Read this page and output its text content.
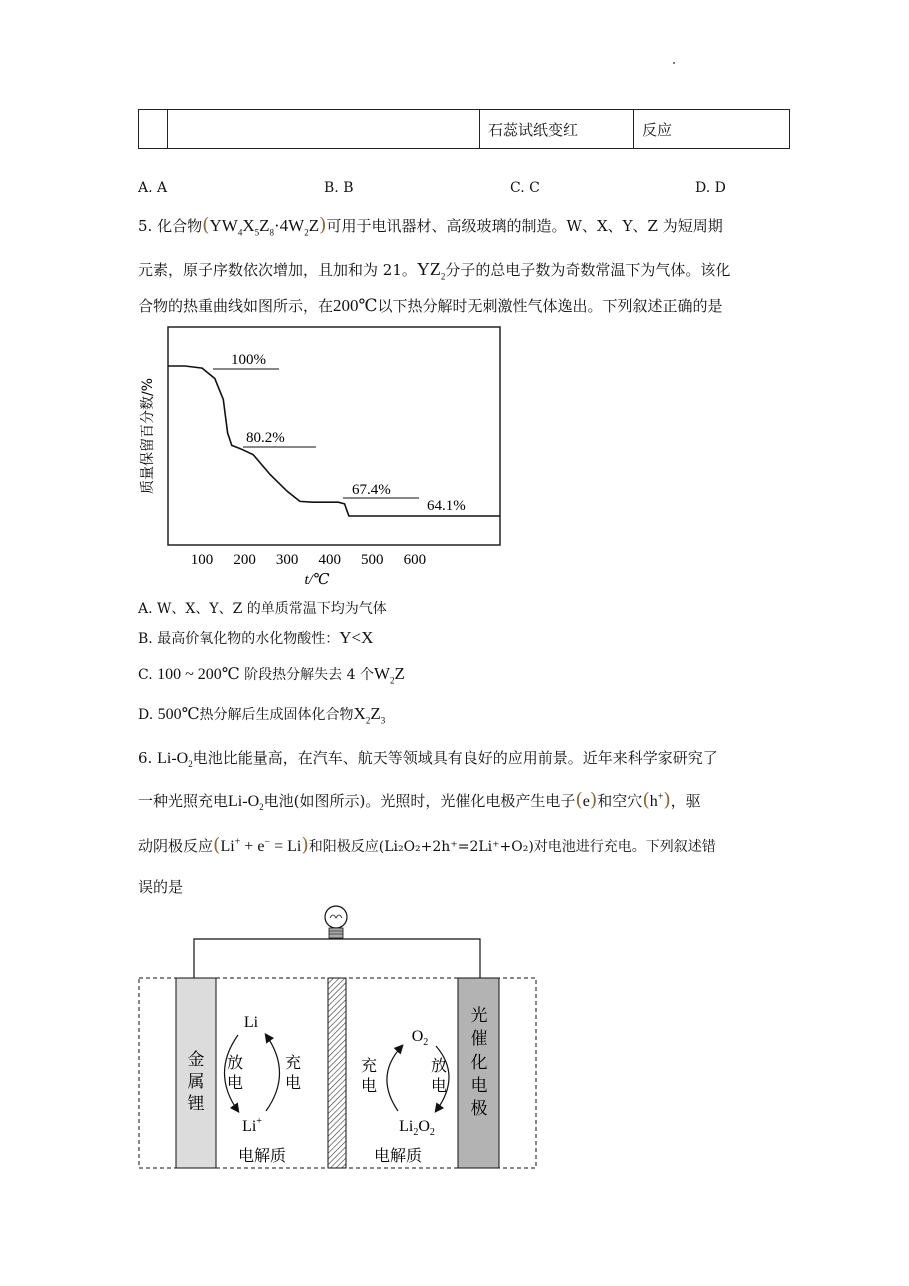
石蕊试纸变红	反应
A. A	B. B	C. C	D. D
5. 化合物$(YW_4X_5Z_8\cdot 4W_2Z)$可用于电讯器材、高级玻璃的制造。W、X、Y、Z 为短周期
元素，原子序数依次增加，且加和为 21。$YZ_2$分子的总电子数为奇数常温下为气体。该化
合物的热重曲线如图所示，在200℃以下热分解时无刺激性气体逸出。下列叙述正确的是
100%
80.2%
67.4%
64.1%
100 200 300 400 500 600
t/℃
质量保留百分数/%
A. W、X、Y、Z 的单质常温下均为气体
B. 最高价氧化物的水化物酸性：Y<X
C. 100 ~ 200℃ 阶段热分解失去 4 个$W_2Z$
D. 500℃热分解后生成固体化合物$X_2Z_3$
6. $Li-O_2$电池比能量高，在汽车、航天等领域具有良好的应用前景。近年来科学家研究了
一种光照充电$Li-O_2$电池(如图所示)。光照时，光催化电极产生电子(e)和空穴(h+)，驱
动阴极反应(Li+ + e− = Li)和阳极反应(Li₂O₂+2h⁺=2Li⁺+O₂)对电池进行充电。下列叙述错
误的是
金
属
锂
光
催
化
电
极
Li
Li+
放
电
充
电
电解质
$O_2$
$Li_2O_2$
充
电
放
电
电解质
